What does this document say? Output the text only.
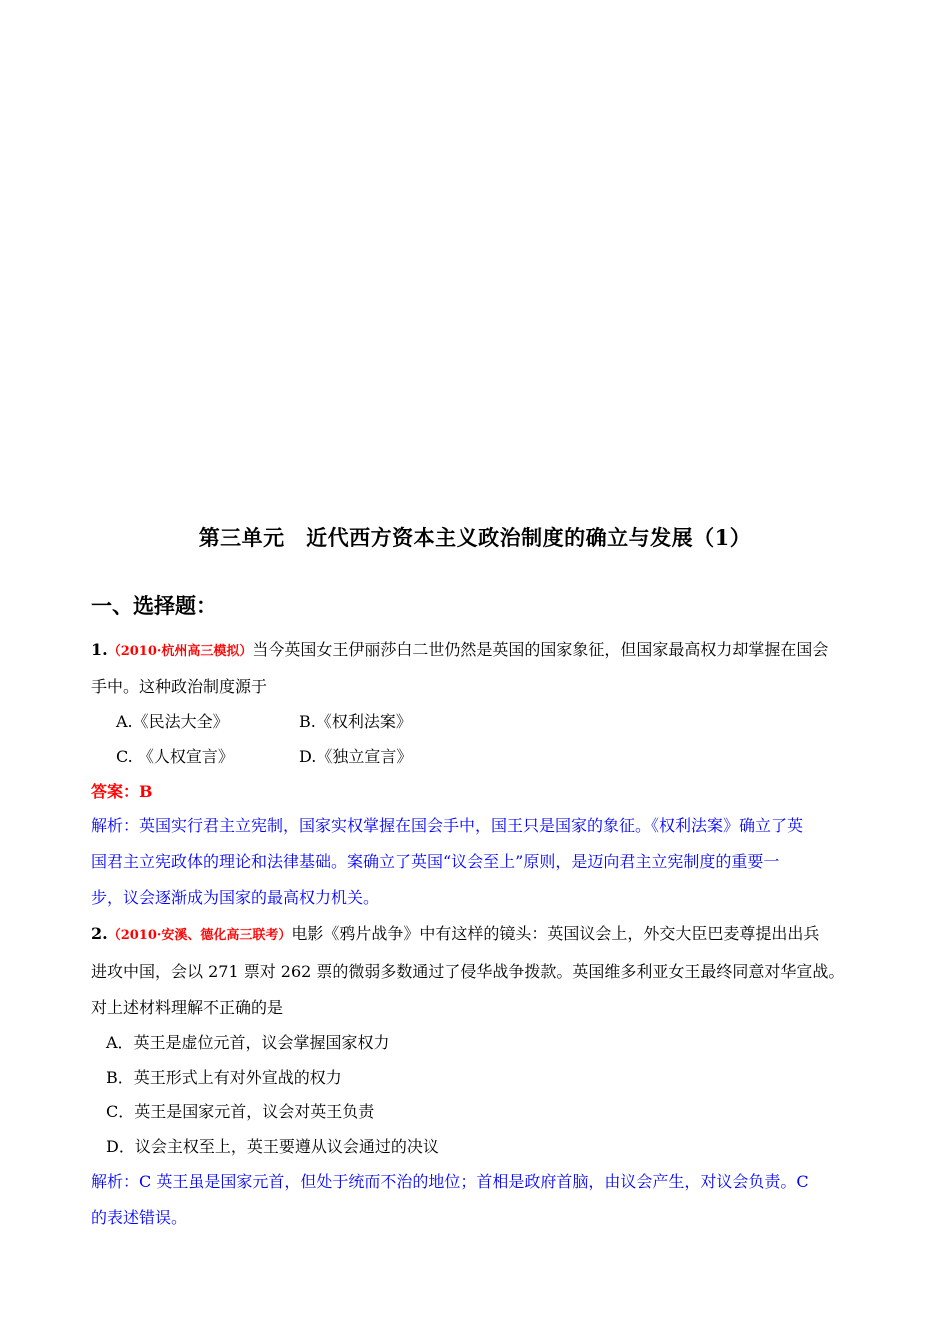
第三单元　近代西方资本主义政治制度的确立与发展（1）
一、选择题：
1.（2010·杭州高三模拟）当今英国女王伊丽莎白二世仍然是英国的国家象征，但国家最高权力却掌握在国会
手中。这种政治制度源于
A.《民法大全》	B.《权利法案》
C. 《人权宣言》	D.《独立宣言》
答案：B
解析：英国实行君主立宪制，国家实权掌握在国会手中，国王只是国家的象征。《权利法案》确立了英
国君主立宪政体的理论和法律基础。案确立了英国“议会至上”原则，是迈向君主立宪制度的重要一
步，议会逐渐成为国家的最高权力机关。
2.（2010·安溪、德化高三联考）电影《鸦片战争》中有这样的镜头：英国议会上，外交大臣巴麦尊提出出兵
进攻中国，会以 271 票对 262 票的微弱多数通过了侵华战争拨款。英国维多利亚女王最终同意对华宣战。
对上述材料理解不正确的是
A．英王是虚位元首，议会掌握国家权力
B．英王形式上有对外宣战的权力
C．英王是国家元首，议会对英王负责
D．议会主权至上，英王要遵从议会通过的决议
解析：C 英王虽是国家元首，但处于统而不治的地位；首相是政府首脑，由议会产生，对议会负责。C
的表述错误。
